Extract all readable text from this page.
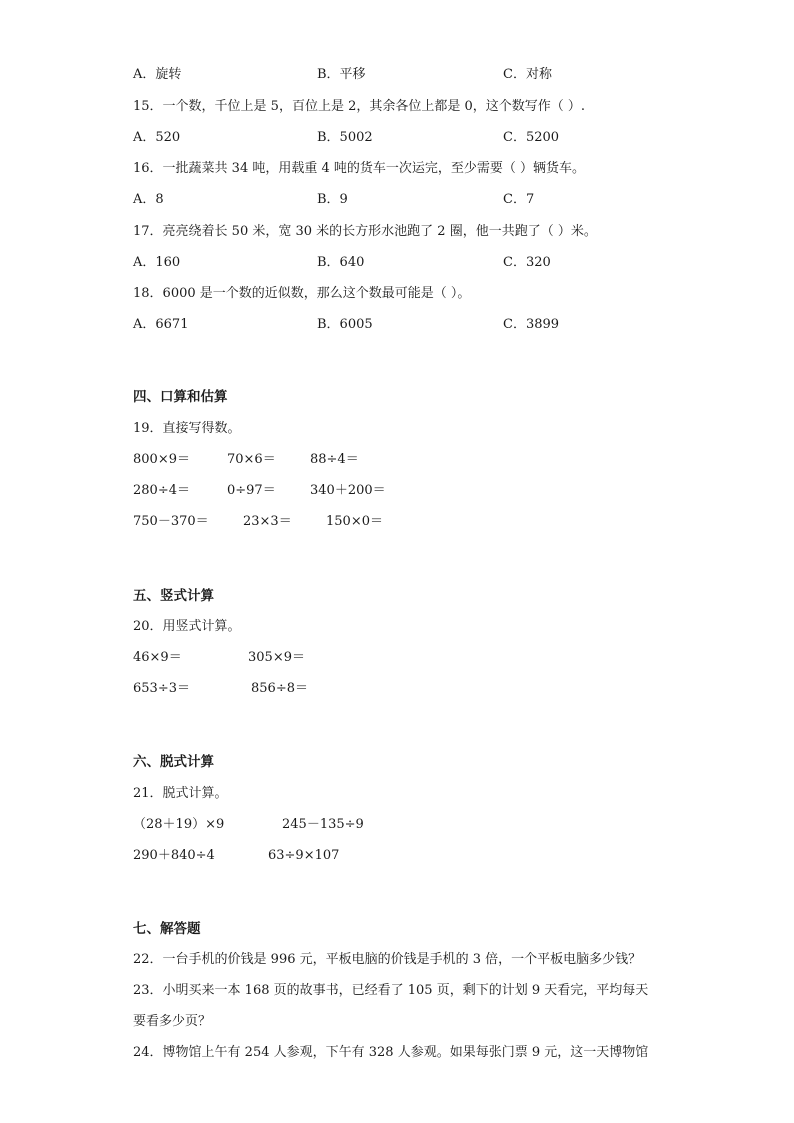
A．旋转	B．平移	C．对称
15．一个数，千位上是 5，百位上是 2，其余各位上都是 0，这个数写作（ ）.
A．520	B．5002	C．5200
16．一批蔬菜共 34 吨，用载重 4 吨的货车一次运完，至少需要（ ）辆货车。
A．8	B．9	C．7
17．亮亮绕着长 50 米，宽 30 米的长方形水池跑了 2 圈，他一共跑了（ ）米。
A．160	B．640	C．320
18．6000 是一个数的近似数，那么这个数最可能是（ ）。
A．6671	B．6005	C．3899
四、口算和估算
19．直接写得数。
800×9＝	70×6＝	88÷4＝
280÷4＝	0÷97＝	340＋200＝
750－370＝	23×3＝	150×0＝
五、竖式计算
20．用竖式计算。
46×9＝	305×9＝
653÷3＝	856÷8＝
六、脱式计算
21．脱式计算。
（28＋19）×9	245－135÷9
290＋840÷4	63÷9×107
七、解答题
22．一台手机的价钱是 996 元，平板电脑的价钱是手机的 3 倍，一个平板电脑多少钱？
23．小明买来一本 168 页的故事书，已经看了 105 页，剩下的计划 9 天看完，平均每天
要看多少页？
24．博物馆上午有 254 人参观，下午有 328 人参观。如果每张门票 9 元，这一天博物馆
